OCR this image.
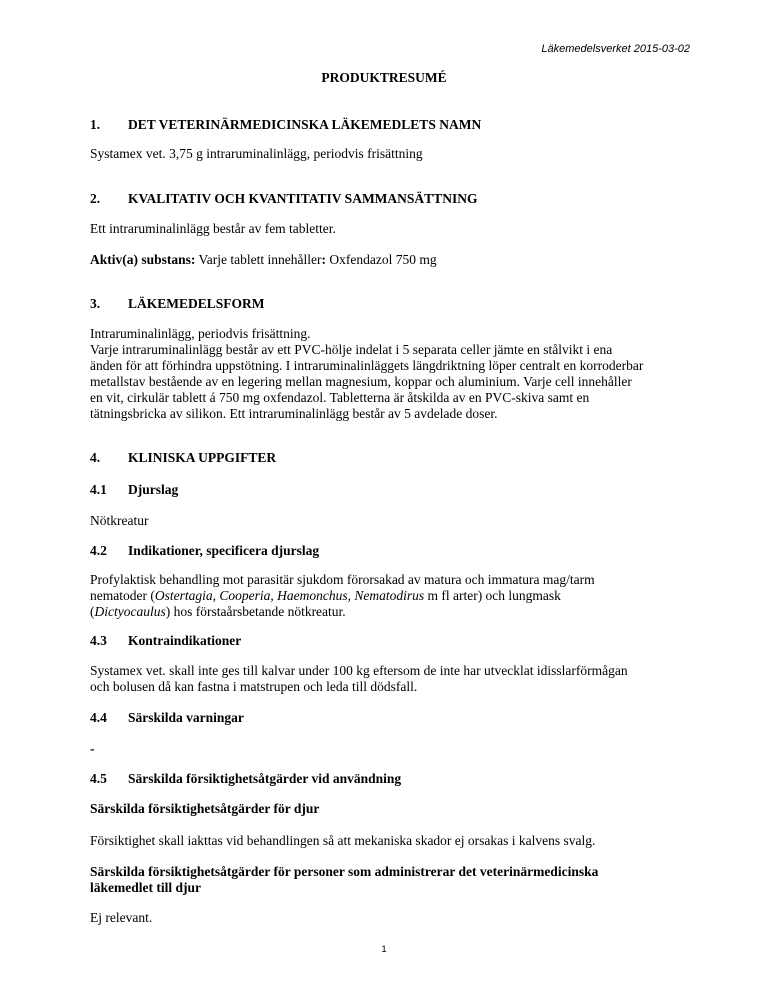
Läkemedelsverket 2015-03-02
PRODUKTRESUMÉ
1. DET VETERINÄRMEDICINSKA LÄKEMEDLETS NAMN
Systamex vet. 3,75 g intraruminalinlägg, periodvis frisättning
2. KVALITATIV OCH KVANTITATIV SAMMANSÄTTNING
Ett intraruminalinlägg består av fem tabletter.
Aktiv(a) substans: Varje tablett innehåller: Oxfendazol 750 mg
3. LÄKEMEDELSFORM
Intraruminalinlägg, periodvis frisättning.
Varje intraruminalinlägg består av ett PVC-hölje indelat i 5 separata celler jämte en stålvikt i ena
änden för att förhindra uppstötning. I intraruminalinläggets längdriktning löper centralt en korroderbar
metallstav bestående av en legering mellan magnesium, koppar och aluminium. Varje cell innehåller
en vit, cirkulär tablett á 750 mg oxfendazol. Tabletterna är åtskilda av en PVC-skiva samt en
tätningsbricka av silikon. Ett intraruminalinlägg består av 5 avdelade doser.
4. KLINISKA UPPGIFTER
4.1 Djurslag
Nötkreatur
4.2 Indikationer, specificera djurslag
Profylaktisk behandling mot parasitär sjukdom förorsakad av matura och immatura mag/tarm
nematoder (Ostertagia, Cooperia, Haemonchus, Nematodirus m fl arter) och lungmask
(Dictyocaulus) hos förstaårsbetande nötkreatur.
4.3 Kontraindikationer
Systamex vet. skall inte ges till kalvar under 100 kg eftersom de inte har utvecklat idisslarförmågan
och bolusen då kan fastna i matstrupen och leda till dödsfall.
4.4 Särskilda varningar
-
4.5 Särskilda försiktighetsåtgärder vid användning
Särskilda försiktighetsåtgärder för djur
Försiktighet skall iakttas vid behandlingen så att mekaniska skador ej orsakas i kalvens svalg.
Särskilda försiktighetsåtgärder för personer som administrerar det veterinärmedicinska
läkemedlet till djur
Ej relevant.
1
